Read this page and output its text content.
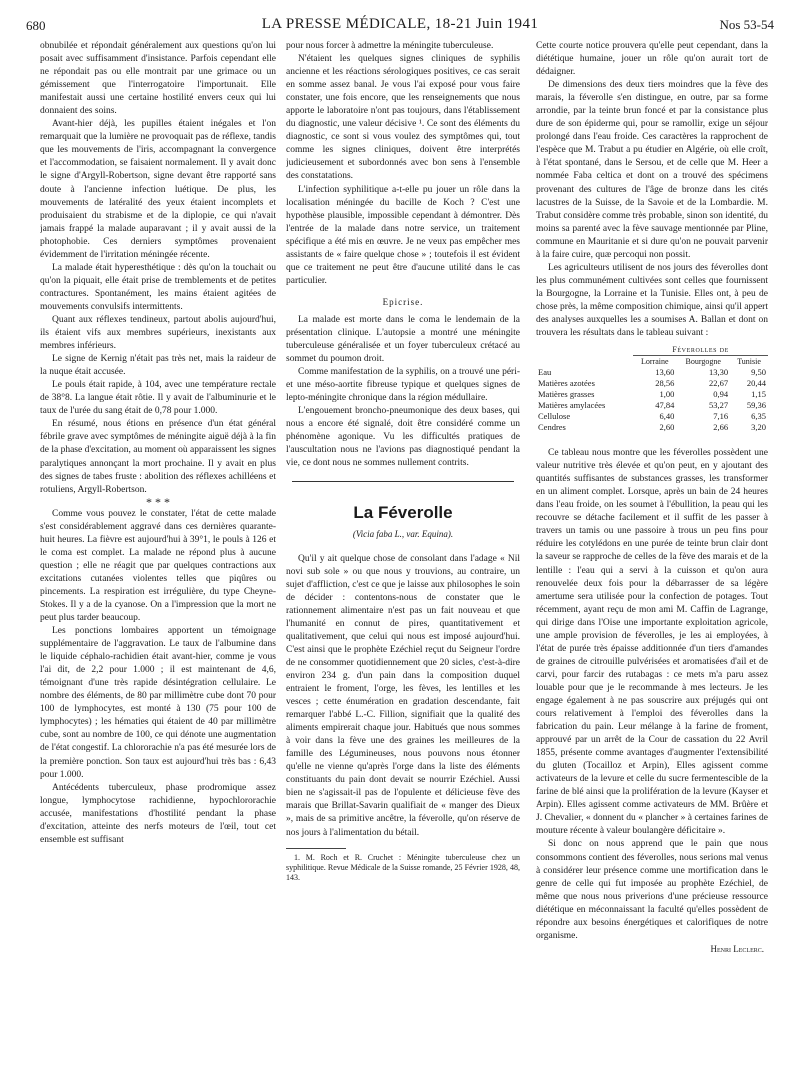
680	LA PRESSE MÉDICALE, 18-21 Juin 1941	Nos 53-54

obnubilée et répondait généralement aux questions qu'on lui posait avec suffisamment d'insistance. Parfois cependant elle ne répondait pas ou elle montrait par une grimace ou un gémissement que l'interrogatoire l'importunait. Elle manifestait aussi une certaine hostilité envers ceux qui lui donnaient des soins.

Avant-hier déjà, les pupilles étaient inégales et l'on remarquait que la lumière ne provoquait pas de réflexe, tandis que les mouvements de l'iris, accompagnant la convergence et l'accommodation, se faisaient normalement. Il y avait donc le signe d'Argyll-Robertson, signe devant être rapporté sans doute à l'ancienne infection luétique. De plus, les mouvements de latéralité des yeux étaient incomplets et produisaient du strabisme et de la diplopie, ce qui n'avait jamais frappé la malade auparavant ; il y avait aussi de la photophobie. Ces derniers symptômes provenaient évidemment de l'irritation méningée récente.

La malade était hyperesthétique : dès qu'on la touchait ou qu'on la piquait, elle était prise de tremblements et de petites contractures. Spontanément, les mains étaient agitées de mouvements convulsifs intermittents.

Quant aux réflexes tendineux, partout abolis aujourd'hui, ils étaient vifs aux membres supérieurs, inexistants aux membres inférieurs.

Le signe de Kernig n'était pas très net, mais la raideur de la nuque était accusée.

Le pouls était rapide, à 104, avec une température rectale de 38°8. La langue était rôtie. Il y avait de l'albuminurie et le taux de l'urée du sang était de 0,78 pour 1.000.

En résumé, nous étions en présence d'un état général fébrile grave avec symptômes de méningite aiguë déjà à la fin de la phase d'excitation, au moment où apparaissent les signes paralytiques annonçant la mort prochaine. Il y avait en plus des signes de tabes fruste : abolition des réflexes achilléens et rotuliens, Argyll-Robertson.

* * *

Comme vous pouvez le constater, l'état de cette malade s'est considérablement aggravé dans ces dernières quarante-huit heures. La fièvre est aujourd'hui à 39°1, le pouls à 126 et le coma est complet. La malade ne répond plus à aucune question ; elle ne réagit que par quelques contractions aux excitations cutanées violentes telles que piqûres ou pincements. La respiration est irrégulière, du type Cheyne-Stokes. Il y a de la cyanose. On a l'impression que la mort ne peut plus tarder beaucoup.

Les ponctions lombaires apportent un témoignage supplémentaire de l'aggravation. Le taux de l'albumine dans le liquide céphalo-rachidien était avant-hier, comme je vous l'ai dit, de 2,2 pour 1.000 ; il est maintenant de 4,6, témoignant d'une très rapide désintégration cellulaire. Le nombre des éléments, de 80 par millimètre cube dont 70 pour 100 de lymphocytes, est monté à 130 (75 pour 100 de lymphocytes) ; les hématies qui étaient de 40 par millimètre cube, sont au nombre de 100, ce qui dénote une augmentation de l'état congestif. La chlororachie n'a pas été mesurée lors de la première ponction. Son taux est aujourd'hui très bas : 6,43 pour 1.000.

Antécédents tuberculeux, phase prodromique assez longue, lymphocytose rachidienne, hypochlororachie accusée, manifestations d'hostilité pendant la phase d'excitation, atteinte des nerfs moteurs de l'œil, tout cet ensemble est suffisant

pour nous forcer à admettre la méningite tuberculeuse.

N'étaient les quelques signes cliniques de syphilis ancienne et les réactions sérologiques positives, ce cas serait en somme assez banal. Je vous l'ai exposé pour vous faire constater, une fois encore, que les renseignements que nous apporte le laboratoire n'ont pas toujours, dans l'établissement du diagnostic, une valeur décisive ¹. Ce sont des éléments du diagnostic, ce sont si vous voulez des symptômes qui, tout comme les signes cliniques, doivent être interprétés judicieusement et subordonnés avec bon sens à l'ensemble des constatations.

L'infection syphilitique a-t-elle pu jouer un rôle dans la localisation méningée du bacille de Koch ? C'est une hypothèse plausible, impossible cependant à démontrer. Dès l'entrée de la malade dans notre service, un traitement spécifique a été mis en œuvre. Je ne veux pas empêcher mes assistants de « faire quelque chose » ; toutefois il est évident que ce traitement ne peut être d'aucune utilité dans le cas particulier.

Epicrise.

La malade est morte dans le coma le lendemain de la présentation clinique. L'autopsie a montré une méningite tuberculeuse généralisée et un foyer tuberculeux crétacé au sommet du poumon droit.

Comme manifestation de la syphilis, on a trouvé une péri- et une méso-aortite fibreuse typique et quelques signes de lepto-méningite chronique dans la région médullaire.

L'engouement broncho-pneumonique des deux bases, qui nous a encore été signalé, doit être considéré comme un phénomène agonique. Vu les difficultés pratiques de l'auscultation nous ne l'avions pas diagnostiqué pendant la vie, ce dont nous ne sommes nullement contrits.

La Féverolle

(Vicia faba L., var. Equina).

Qu'il y ait quelque chose de consolant dans l'adage « Nil novi sub sole » ou que nous y trouvions, au contraire, un sujet d'affliction, c'est ce que je laisse aux philosophes le soin de décider : contentons-nous de constater que le rationnement alimentaire n'est pas un fait nouveau et que l'humanité en connut de pires, quantitativement et qualitativement, que celui qui nous est imposé aujourd'hui. C'est ainsi que le prophète Ezéchiel reçut du Seigneur l'ordre de ne consommer quotidiennement que 20 sicles, c'est-à-dire environ 234 g. d'un pain dans la composition duquel entraient le froment, l'orge, les fèves, les lentilles et les vesces ; cette énumération en gradation descendante, fait remarquer l'abbé L.-C. Fillion, signifiait que la qualité des aliments empirerait chaque jour. Habitués que nous sommes à voir dans la fève une des graines les meilleures de la famille des Légumineuses, nous pouvons nous étonner qu'elle ne vienne qu'après l'orge dans la liste des éléments constituants du pain dont devait se nourrir Ezéchiel. Aussi bien ne s'agissait-il pas de l'opulente et délicieuse fève des marais que Brillat-Savarin qualifiait de « manger des Dieux », mais de sa primitive ancêtre, la féverolle, qu'on réserve de nos jours à l'alimentation du bétail.

1. M. Roch et R. Cruchet : Méningite tuberculeuse chez un syphilitique. Revue Médicale de la Suisse romande, 25 Février 1928, 48, 143.

Cette courte notice prouvera qu'elle peut cependant, dans la diététique humaine, jouer un rôle qu'on aurait tort de dédaigner.

De dimensions des deux tiers moindres que la fève des marais, la féverolle s'en distingue, en outre, par sa forme arrondie, par la teinte brun foncé et par la consistance plus dure de son épiderme qui, pour se ramollir, exige un séjour prolongé dans l'eau froide. Ces caractères la rapprochent de l'espèce que M. Trabut a pu étudier en Algérie, où elle croît, à l'état spontané, dans le Sersou, et de celle que M. Heer a nommée Faba celtica et dont on a trouvé des spécimens provenant des cultures de l'âge de bronze dans les cités lacustres de la Suisse, de la Savoie et de la Lombardie. M. Trabut considère comme très probable, sinon son identité, du moins sa parenté avec la fève sauvage mentionnée par Pline, commune en Mauritanie et si dure qu'on ne pouvait parvenir à la faire cuire, quæ percoqui non possit.

Les agriculteurs utilisent de nos jours des féverolles dont les plus communément cultivées sont celles que fournissent la Bourgogne, la Lorraine et la Tunisie. Elles ont, à peu de chose près, la même composition chimique, ainsi qu'il appert des analyses auxquelles les a soumises A. Ballan et dont on trouvera les résultats dans le tableau suivant :

	Féverolles de		
	Lorraine	Bourgogne	Tunisie
Eau	13,60	13,30	9,50
Matières azotées	28,56	22,67	20,44
Matières grasses	1,00	0,94	1,15
Matières amylacées	47,84	53,27	59,36
Cellulose	6,40	7,16	6,35
Cendres	2,60	2,66	3,20

Ce tableau nous montre que les féverolles possèdent une valeur nutritive très élevée et qu'on peut, en y ajoutant des quantités suffisantes de substances grasses, les transformer en un aliment complet. Lorsque, après un bain de 24 heures dans l'eau froide, on les soumet à l'ébullition, la peau qui les recouvre se détache facilement et il suffit de les passer à travers un tamis ou une passoire à trous un peu fins pour réduire les cotylédons en une purée de teinte brun clair dont la saveur se rapproche de celles de la fève des marais et de la lentille : l'eau qui a servi à la cuisson et qu'on aura renouvelée deux fois pour la débarrasser de sa légère amertume sera utilisée pour la confection de potages. Tout récemment, ayant reçu de mon ami M. Caffin de Lagrange, qui dirige dans l'Oise une importante exploitation agricole, une ample provision de féverolles, je les ai employées, à l'état de purée très épaisse additionnée d'un tiers d'amandes de graines de citrouille pulvérisées et aromatisées d'ail et de carvi, pour farcir des rutabagas : ce mets m'a paru assez louable pour que je le recommande à mes lecteurs. Je les engage également à ne pas souscrire aux préjugés qui ont cours relativement à l'emploi des féverolles dans la fabrication du pain. Leur mélange à la farine de froment, approuvé par un arrêt de la Cour de cassation du 22 Avril 1855, présente comme avantages d'augmenter l'extensibilité du gluten (Tocailloz et Arpin), Elles agissent comme activateurs de la levure et celle du sucre fermentescible de la farine de blé ainsi que la prolifération de la levure (Kayser et Arpin). Elles agissent comme activateurs de MM. Brûère et J. Chevalier, « donnent du « plancher » à certaines farines de mouture récente à valeur boulangère déficitaire ».

Si donc on nous apprend que le pain que nous consommons contient des féverolles, nous serions mal venus à considérer leur présence comme une mortification dans le genre de celle qui fut imposée au prophète Ezéchiel, de même que nous nous priverions d'une précieuse ressource diététique en méconnaissant la faculté qu'elles possèdent de répondre aux besoins énergétiques et calorifiques de notre organisme.

Henri Leclerc.
